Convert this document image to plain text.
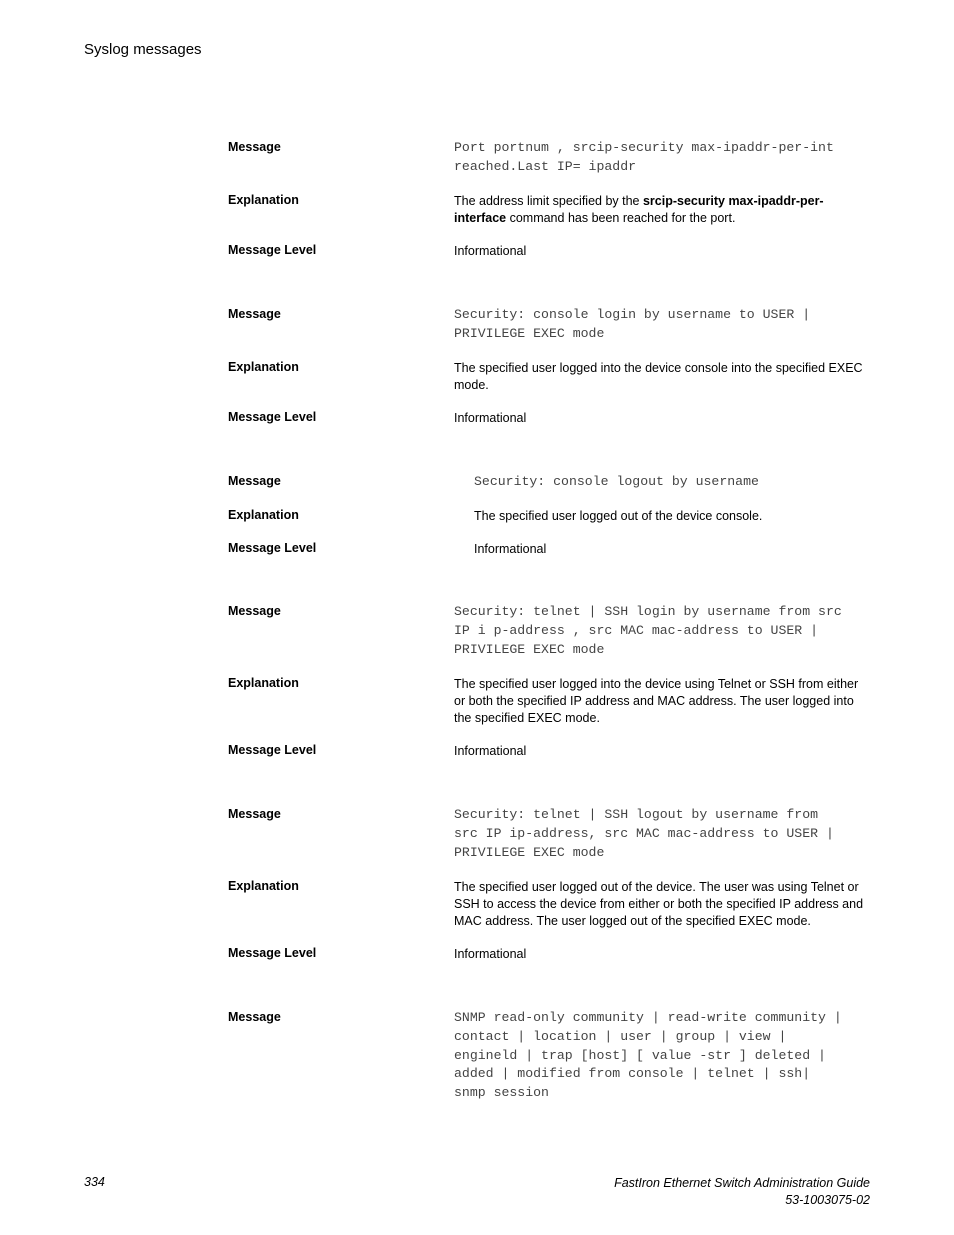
Syslog messages
Message	Port portnum , srcip-security max-ipaddr-per-int
reached.Last IP= ipaddr
Explanation	The address limit specified by the srcip-security max-ipaddr-per-
interface command has been reached for the port.
Message Level	Informational
Message	Security: console login by username to USER |
PRIVILEGE EXEC mode
Explanation	The specified user logged into the device console into the specified EXEC mode.
Message Level	Informational
Message	Security: console logout by username
Explanation	The specified user logged out of the device console.
Message Level	Informational
Message	Security: telnet | SSH login by username from src
IP i p-address , src MAC mac-address to USER |
PRIVILEGE EXEC mode
Explanation	The specified user logged into the device using Telnet or SSH from either or both the specified IP address and MAC address. The user logged into the specified EXEC mode.
Message Level	Informational
Message	Security: telnet | SSH logout by username from
src IP ip-address, src MAC mac-address to USER |
PRIVILEGE EXEC mode
Explanation	The specified user logged out of the device. The user was using Telnet or SSH to access the device from either or both the specified IP address and MAC address. The user logged out of the specified EXEC mode.
Message Level	Informational
Message	SNMP read-only community | read-write community |
contact | location | user | group | view |
engineld | trap [host] [ value -str ] deleted |
added | modified from console | telnet | ssh|
snmp session
334	FastIron Ethernet Switch Administration Guide
53-1003075-02
